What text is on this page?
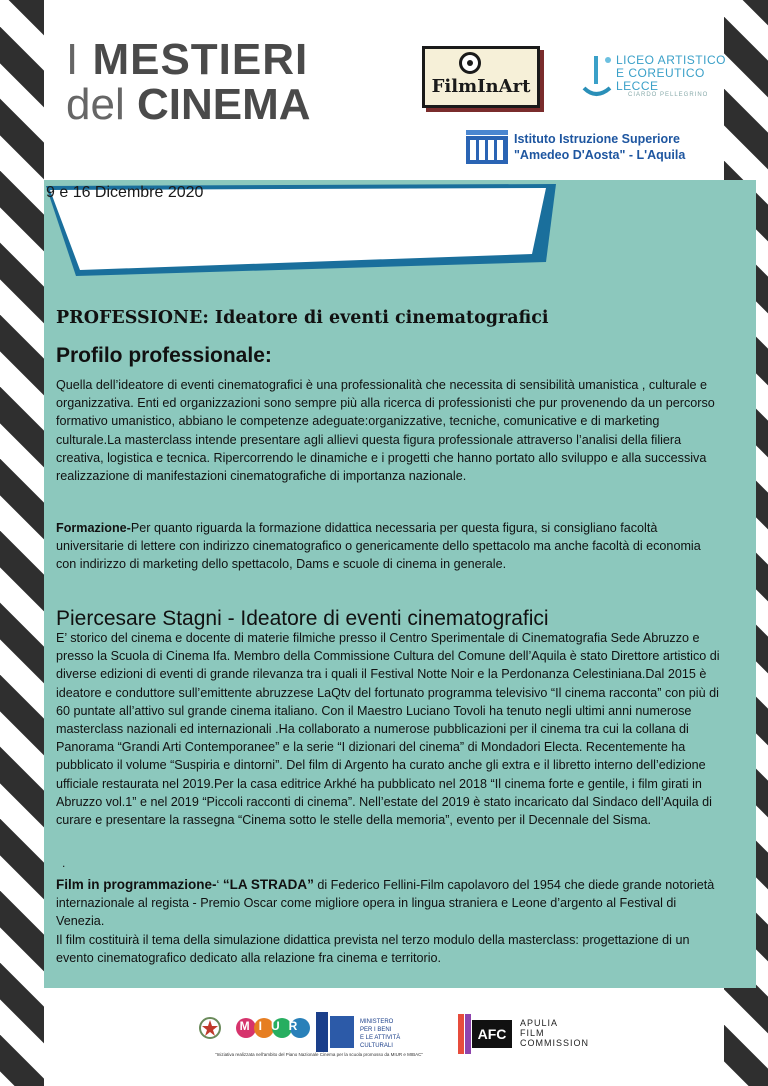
I MESTIERI
del CINEMA	FilmInArt
LICEO ARTISTICO
E COREUTICO
LECCE
CIARDO PELLEGRINO
Istituto Istruzione Superiore
"Amedeo D'Aosta" - L'Aquila
9 e 16 Dicembre 2020
PROFESSIONE: Ideatore di eventi cinematografici
Profilo professionale:
Quella dell’ideatore di eventi cinematografici è una professionalità che necessita di sensibilità umanistica , culturale e organizzativa. Enti ed organizzazioni sono sempre più alla ricerca di professionisti che pur provenendo da un percorso formativo umanistico, abbiano le competenze adeguate:organizzative, tecniche, comunicative e di marketing culturale.La masterclass intende presentare agli allievi questa figura professionale attraverso l’analisi della filiera creativa, logistica e tecnica. Ripercorrendo le dinamiche e i progetti che hanno portato allo sviluppo e alla successiva realizzazione di manifestazioni cinematografiche di importanza nazionale.
Formazione-Per quanto riguarda la formazione didattica necessaria per questa figura, si consigliano facoltà universitarie di lettere con indirizzo cinematografico o genericamente dello spettacolo ma anche facoltà di economia con indirizzo di marketing dello spettacolo, Dams e scuole di cinema in generale.
Piercesare Stagni - Ideatore di eventi cinematografici
E’ storico del cinema e docente di materie filmiche presso il Centro Sperimentale di Cinematografia Sede Abruzzo e presso la Scuola di Cinema Ifa. Membro della Commissione Cultura del Comune dell’Aquila è stato Direttore artistico di diverse edizioni di eventi di grande rilevanza tra i quali il Festival Notte Noir e la Perdonanza Celestiniana.Dal 2015 è ideatore e conduttore sull’emittente abruzzese LaQtv del fortunato programma televisivo “Il cinema racconta” con più di 60 puntate all’attivo sul grande cinema italiano. Con il Maestro Luciano Tovoli ha tenuto negli ultimi anni numerose masterclass nazionali ed internazionali .Ha collaborato a numerose pubblicazioni per il cinema tra cui la collana di Panorama “Grandi Arti Contemporanee” e la serie “I dizionari del cinema” di Mondadori Electa. Recentemente ha pubblicato il volume “Suspiria e dintorni”. Del film di Argento ha curato anche gli extra e il libretto interno dell’edizione ufficiale restaurata nel 2019.Per la casa editrice Arkhé ha pubblicato nel 2018 “Il cinema forte e gentile, i film girati in Abruzzo vol.1” e nel 2019 “Piccoli racconti di cinema”. Nell’estate del 2019 è stato incaricato dal Sindaco dell’Aquila di curare e presentare la rassegna “Cinema sotto le stelle della memoria”, evento per il Decennale del Sisma.
.
Film in programmazione-‘ “LA STRADA” di Federico Fellini-Film capolavoro del 1954 che diede grande notorietà internazionale al regista - Premio Oscar come migliore opera in lingua straniera e Leone d’argento al Festival di Venezia.
Il film costituirà il tema della simulazione didattica prevista nel terzo modulo della masterclass: progettazione di un evento cinematografico dedicato alla relazione fra cinema e territorio.
MIUR	MINISTERO
PER I BENI
E LE ATTIVITÀ
CULTURALI
"Iniziativa realizzata nell'ambito del Piano Nazionale Cinema per la scuola promosso da MIUR e MIBAC"
AFC
APULIA
FILM
COMMISSION
